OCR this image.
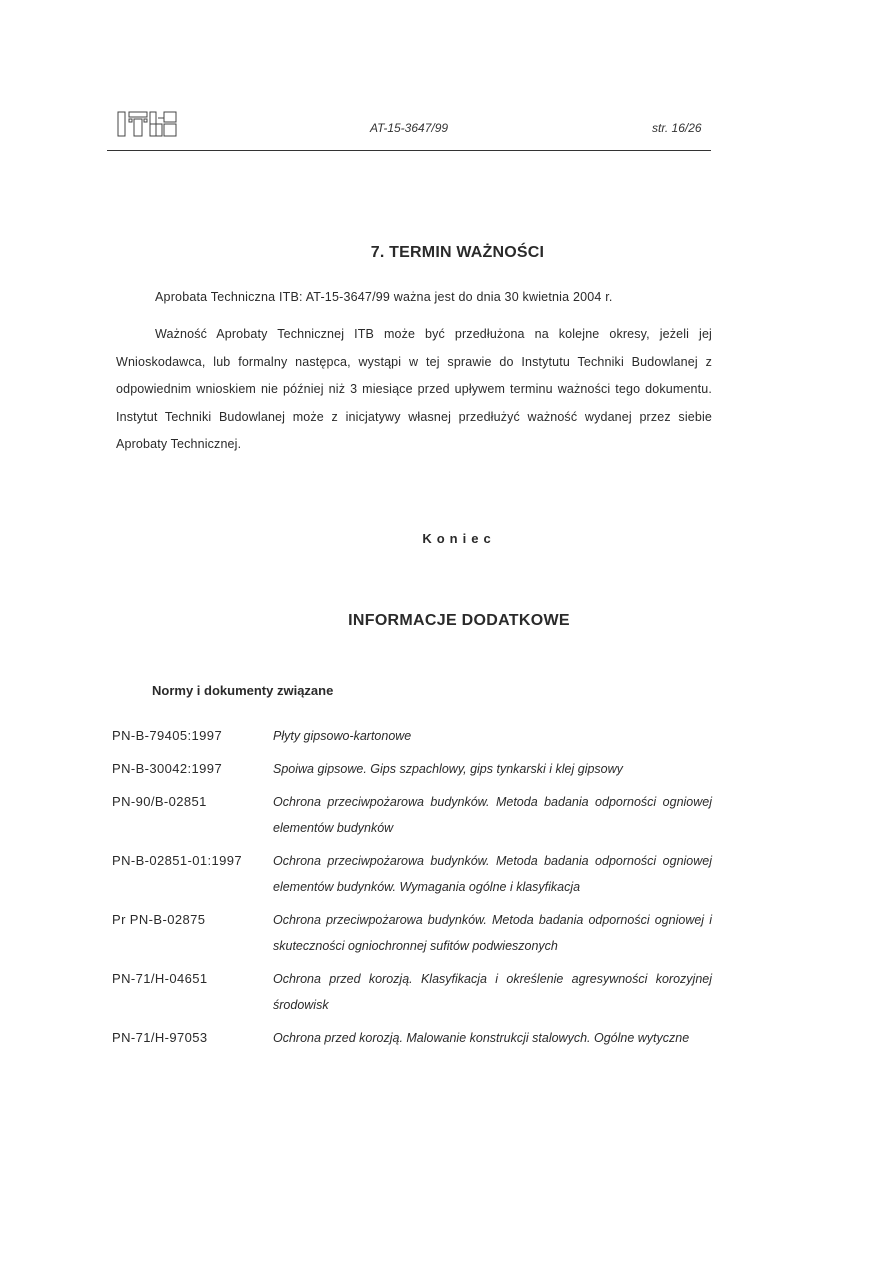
AT-15-3647/99	str. 16/26
7. TERMIN WAŻNOŚCI
Aprobata Techniczna ITB: AT-15-3647/99 ważna jest do dnia 30 kwietnia 2004 r.
Ważność Aprobaty Technicznej ITB może być przedłużona na kolejne okresy, jeżeli jej Wnioskodawca, lub formalny następca, wystąpi w tej sprawie do Instytutu Techniki Budowlanej z odpowiednim wnioskiem nie później niż 3 miesiące przed upływem terminu ważności tego dokumentu. Instytut Techniki Budowlanej może z inicjatywy własnej przedłużyć ważność wydanej przez siebie Aprobaty Technicznej.
Koniec
INFORMACJE DODATKOWE
Normy i dokumenty związane
PN-B-79405:1997	Płyty gipsowo-kartonowe
PN-B-30042:1997	Spoiwa gipsowe. Gips szpachlowy, gips tynkarski i klej gipsowy
PN-90/B-02851	Ochrona przeciwpożarowa budynków. Metoda badania odporności ogniowej elementów budynków
PN-B-02851-01:1997	Ochrona przeciwpożarowa budynków. Metoda badania odporności ogniowej elementów budynków. Wymagania ogólne i klasyfikacja
Pr PN-B-02875	Ochrona przeciwpożarowa budynków. Metoda badania odporności ogniowej i skuteczności ogniochronnej sufitów podwieszonych
PN-71/H-04651	Ochrona przed korozją. Klasyfikacja i określenie agresywności korozyjnej środowisk
PN-71/H-97053	Ochrona przed korozją. Malowanie konstrukcji stalowych. Ogólne wytyczne
